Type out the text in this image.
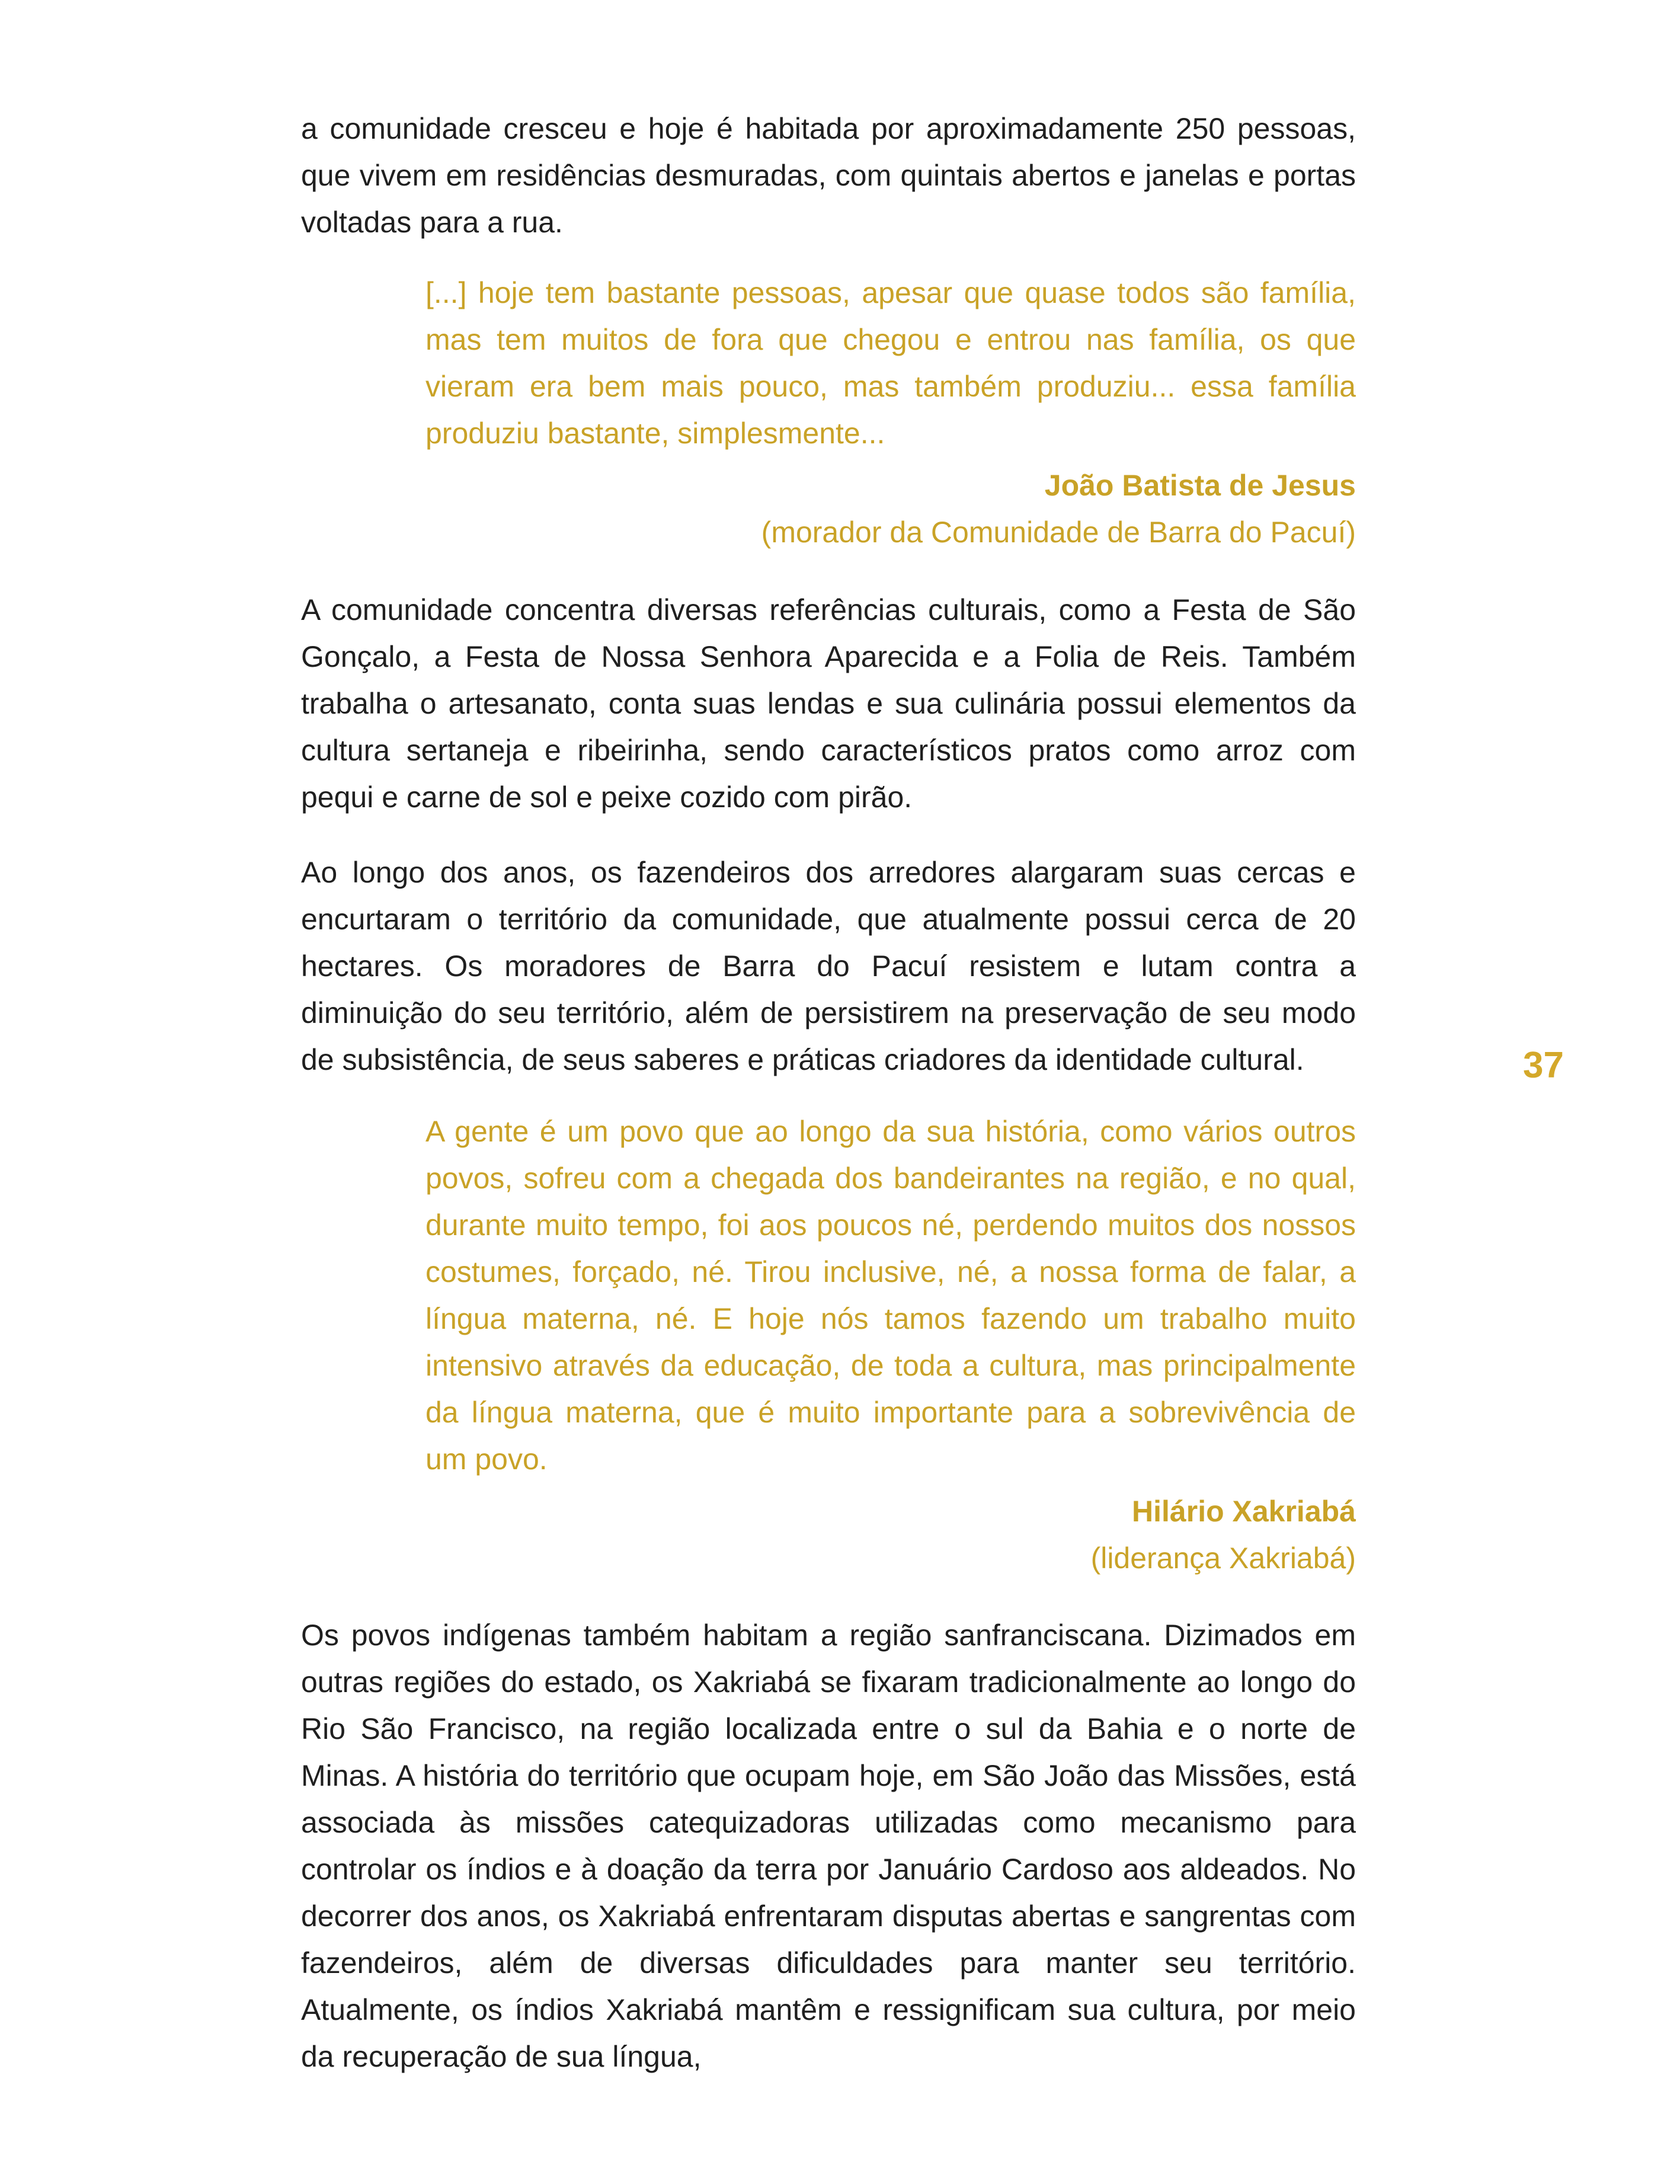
a comunidade cresceu e hoje é habitada por aproximadamente 250 pessoas, que vivem em residências desmuradas, com quintais abertos e janelas e portas voltadas para a rua.

[...] hoje tem bastante pessoas, apesar que quase todos são família, mas tem muitos de fora que chegou e entrou nas família, os que vieram era bem mais pouco, mas também produziu... essa família produziu bastante, simplesmente...

João Batista de Jesus

(morador da Comunidade de Barra do Pacuí)

A comunidade concentra diversas referências culturais, como a Festa de São Gonçalo, a Festa de Nossa Senhora Aparecida e a Folia de Reis. Também trabalha o artesanato, conta suas lendas e sua culinária possui elementos da cultura sertaneja e ribeirinha, sendo característicos pratos como arroz com pequi e carne de sol e peixe cozido com pirão.

Ao longo dos anos, os fazendeiros dos arredores alargaram suas cercas e encurtaram o território da comunidade, que atualmente possui cerca de 20 hectares. Os moradores de Barra do Pacuí resistem e lutam contra a diminuição do seu território, além de persistirem na preservação de seu modo de subsistência, de seus saberes e práticas criadores da identidade cultural.	37

A gente é um povo que ao longo da sua história, como vários outros povos, sofreu com a chegada dos bandeirantes na região, e no qual, durante muito tempo, foi aos poucos né, perdendo muitos dos nossos costumes, forçado, né. Tirou inclusive, né, a nossa forma de falar, a língua materna, né. E hoje nós tamos fazendo um trabalho muito intensivo através da educação, de toda a cultura, mas principalmente da língua materna, que é muito importante para a sobrevivência de um povo.

Hilário Xakriabá

(liderança Xakriabá)

Os povos indígenas também habitam a região sanfranciscana. Dizimados em outras regiões do estado, os Xakriabá se fixaram tradicionalmente ao longo do Rio São Francisco, na região localizada entre o sul da Bahia e o norte de Minas. A história do território que ocupam hoje, em São João das Missões, está associada às missões catequizadoras utilizadas como mecanismo para controlar os índios e à doação da terra por Januário Cardoso aos aldeados. No decorrer dos anos, os Xakriabá enfrentaram disputas abertas e sangrentas com fazendeiros, além de diversas dificuldades para manter seu território. Atualmente, os índios Xakriabá mantêm e ressignificam sua cultura, por meio da recuperação de sua língua,
